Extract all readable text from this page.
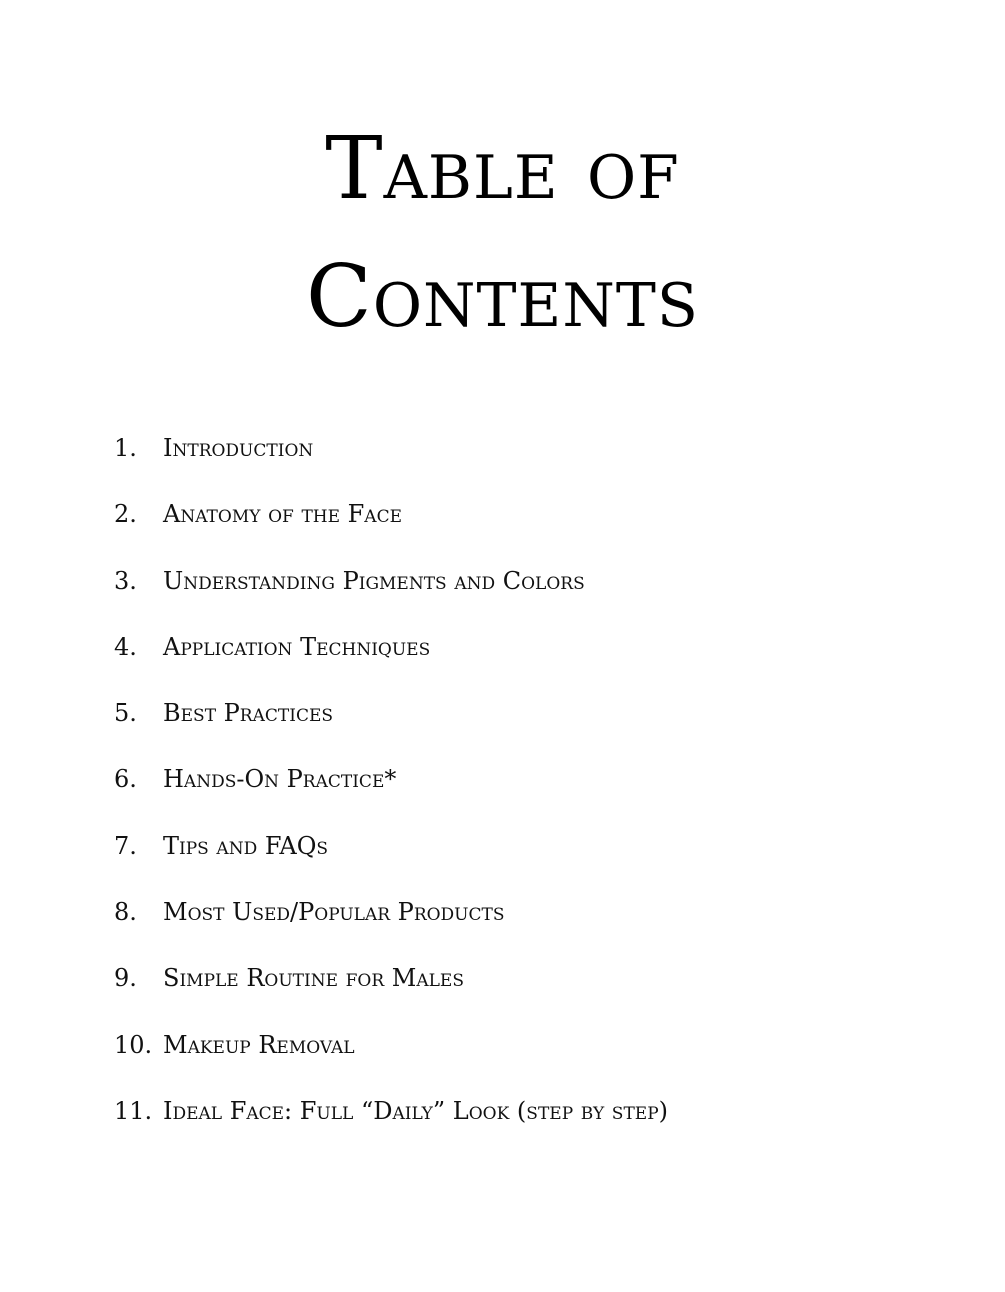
Table of
Contents
1. Introduction
2. Anatomy of the Face
3. Understanding Pigments and Colors
4. Application Techniques
5. Best Practices
6. Hands-On Practice*
7. Tips and FAQs
8. Most Used/Popular Products
9. Simple Routine for Males
10. Makeup Removal
11. Ideal Face: Full “Daily” Look (step by step)
